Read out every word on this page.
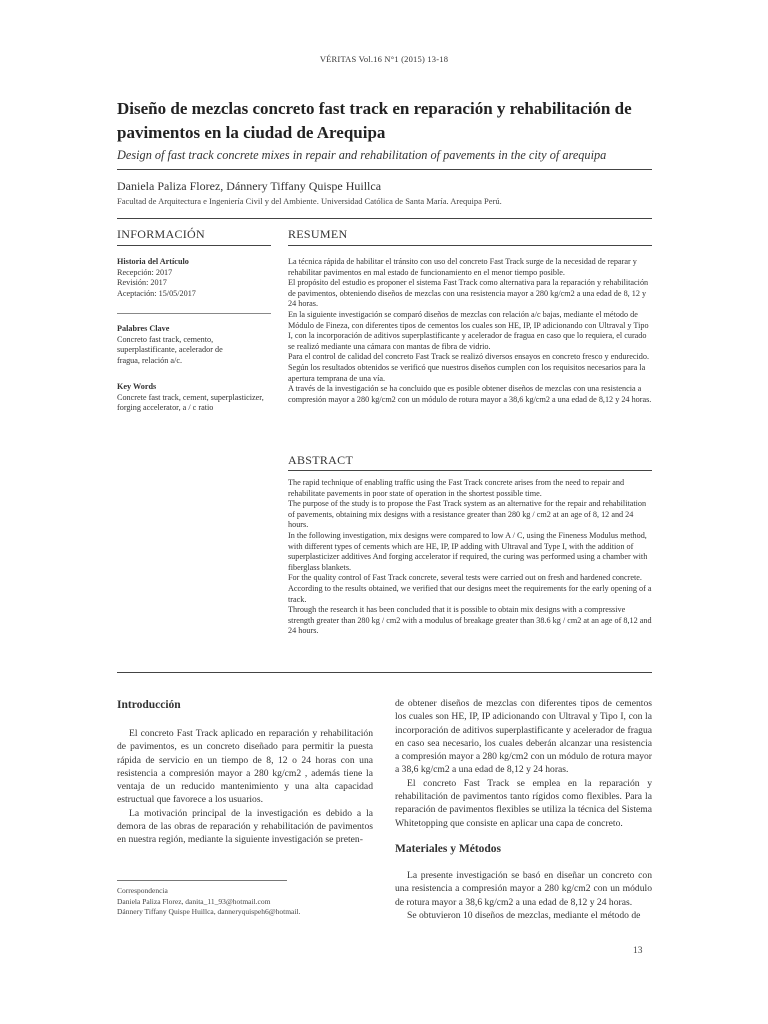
VÉRITAS Vol.16 N°1 (2015) 13-18
Diseño de mezclas concreto fast track en reparación y rehabilitación de pavimentos en la ciudad de Arequipa
Design of fast track concrete mixes in repair and rehabilitation of pavements in the city of arequipa
Daniela Paliza Florez, Dánnery Tiffany Quispe Huillca
Facultad de Arquitectura e Ingeniería Civil y del Ambiente. Universidad Católica de Santa María. Arequipa Perú.
INFORMACIÓN

Historia del Artículo

Recepción: 2017

Revisión: 2017

Aceptación: 15/05/2017

Palabres Clave

Concreto fast track, cemento, superplastificante, acelerador de fragua, relación a/c.

Key Words

Concrete fast track, cement, superplasticizer, forging accelerator, a / c ratio

RESUMEN

La técnica rápida de habilitar el tránsito con uso del concreto Fast Track surge de la necesidad de reparar y rehabilitar pavimentos en mal estado de funcionamiento en el menor tiempo posible.

El propósito del estudio es proponer el sistema Fast Track como alternativa para la reparación y rehabilitación de pavimentos, obteniendo diseños de mezclas con una resistencia mayor a 280 kg/cm2 a una edad de 8, 12 y 24 horas.

En la siguiente investigación se comparó diseños de mezclas con relación a/c bajas, mediante el método de Módulo de Fineza, con diferentes tipos de cementos los cuales son HE, IP, IP adicionando con Ultraval y Tipo I, con la incorporación de aditivos superplastificante y acelerador de fragua en caso que lo requiera, el curado se realizó mediante una cámara con mantas de fibra de vidrio.

Para el control de calidad del concreto Fast Track se realizó diversos ensayos en concreto fresco y endurecido. Según los resultados obtenidos se verificó que nuestros diseños cumplen con los requisitos necesarios para la apertura temprana de una vía.

A través de la investigación se ha concluido que es posible obtener diseños de mezclas con una resistencia a compresión mayor a 280 kg/cm2 con un módulo de rotura mayor a 38,6 kg/cm2 a una edad de 8,12 y 24 horas.

ABSTRACT

The rapid technique of enabling traffic using the Fast Track concrete arises from the need to repair and rehabilitate pavements in poor state of operation in the shortest possible time.

The purpose of the study is to propose the Fast Track system as an alternative for the repair and rehabilitation of pavements, obtaining mix designs with a resistance greater than 280 kg / cm2 at an age of 8, 12 and 24 hours.

In the following investigation, mix designs were compared to low A / C, using the Fineness Modulus method, with different types of cements which are HE, IP, IP adding with Ultraval and Type I, with the addition of superplasticizer additives And forging accelerator if required, the curing was performed using a chamber with fiberglass blankets.

For the quality control of Fast Track concrete, several tests were carried out on fresh and hardened concrete. According to the results obtained, we verified that our designs meet the requirements for the early opening of a track.

Through the research it has been concluded that it is possible to obtain mix designs with a compressive strength greater than 280 kg / cm2 with a modulus of breakage greater than 38.6 kg / cm2 at an age of 8,12 and 24 hours.

Introducción

El concreto Fast Track aplicado en reparación y rehabilitación de pavimentos, es un concreto diseñado para permitir la puesta rápida de servicio en un tiempo de 8, 12 o 24 horas con una resistencia a compresión mayor a 280 kg/cm2 , además tiene la ventaja de un reducido mantenimiento y una alta capacidad estructual que favorece a los usuarios.

La motivación principal de la investigación es debido a la demora de las obras de reparación y rehabilitación de pavimentos en nuestra región, mediante la siguiente investigación se preten-

Correspondencia
Daniela Paliza Florez, danita_11_93@hotmail.com
Dánnery Tiffany Quispe Huillca, danneryquispeh6@hotmail.

de obtener diseños de mezclas con diferentes tipos de cementos los cuales son HE, IP, IP adicionando con Ultraval y Tipo I, con la incorporación de aditivos superplastificante y acelerador de fragua en caso sea necesario, los cuales deberán alcanzar una resistencia a compresión mayor a 280 kg/cm2 con un módulo de rotura mayor a 38,6 kg/cm2 a una edad de 8,12 y 24 horas.

El concreto Fast Track se emplea en la reparación y rehabilitación de pavimentos tanto rígidos como flexibles. Para la reparación de pavimentos flexibles se utiliza la técnica del Sistema Whitetopping que consiste en aplicar una capa de concreto.

Materiales y Métodos

La presente investigación se basó en diseñar un concreto con una resistencia a compresión mayor a 280 kg/cm2 con un módulo de rotura mayor a 38,6 kg/cm2 a una edad de 8,12 y 24 horas.

Se obtuvieron 10 diseños de mezclas, mediante el método de

13
